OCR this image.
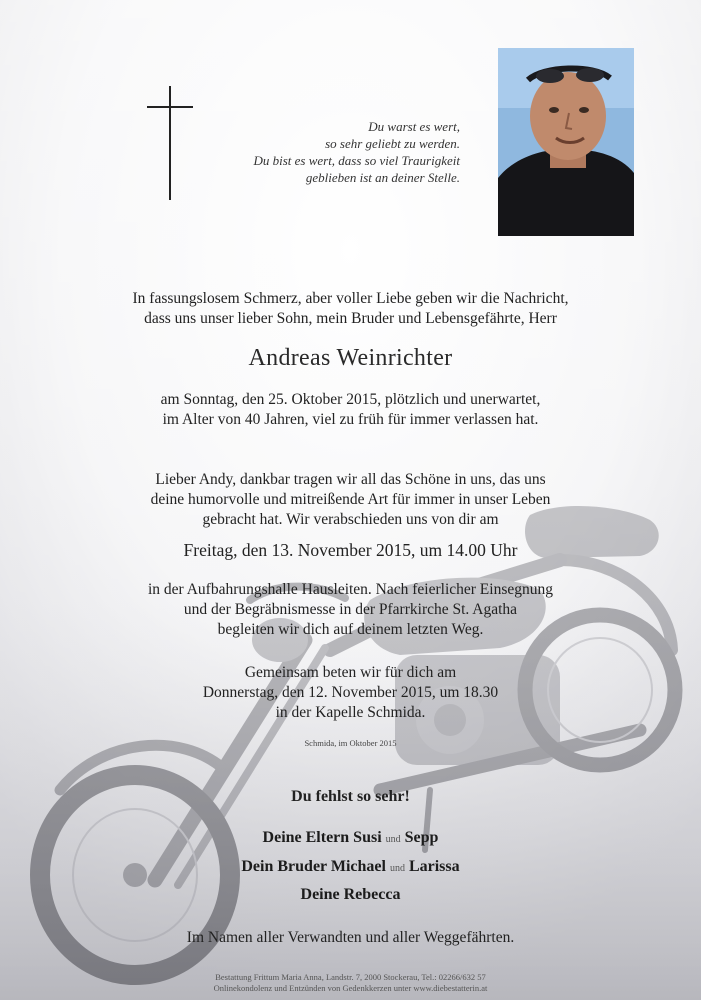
Du warst es wert,
so sehr geliebt zu werden.
Du bist es wert, dass so viel Traurigkeit
geblieben ist an deiner Stelle.
In fassungslosem Schmerz, aber voller Liebe geben wir die Nachricht,
dass uns unser lieber Sohn, mein Bruder und Lebensgefährte, Herr
Andreas Weinrichter
am Sonntag, den 25. Oktober 2015, plötzlich und unerwartet,
im Alter von 40 Jahren, viel zu früh für immer verlassen hat.
Lieber Andy, dankbar tragen wir all das Schöne in uns, das uns
deine humorvolle und mitreißende Art für immer in unser Leben
gebracht hat. Wir verabschieden uns von dir am
Freitag, den 13. November 2015, um 14.00 Uhr
in der Aufbahrungshalle Hausleiten. Nach feierlicher Einsegnung
und der Begräbnismesse in der Pfarrkirche St. Agatha
begleiten wir dich auf deinem letzten Weg.
Gemeinsam beten wir für dich am
Donnerstag, den 12. November 2015, um 18.30
in der Kapelle Schmida.
Schmida, im Oktober 2015
Du fehlst so sehr!
Deine Eltern Susi und Sepp
Dein Bruder Michael und Larissa
Deine Rebecca
Im Namen aller Verwandten und aller Weggefährten.
Bestattung Frittum Maria Anna, Landstr. 7, 2000 Stockerau, Tel.: 02266/632 57
Onlinekondolenz und Entzünden von Gedenkkerzen unter www.diebestatterin.at
